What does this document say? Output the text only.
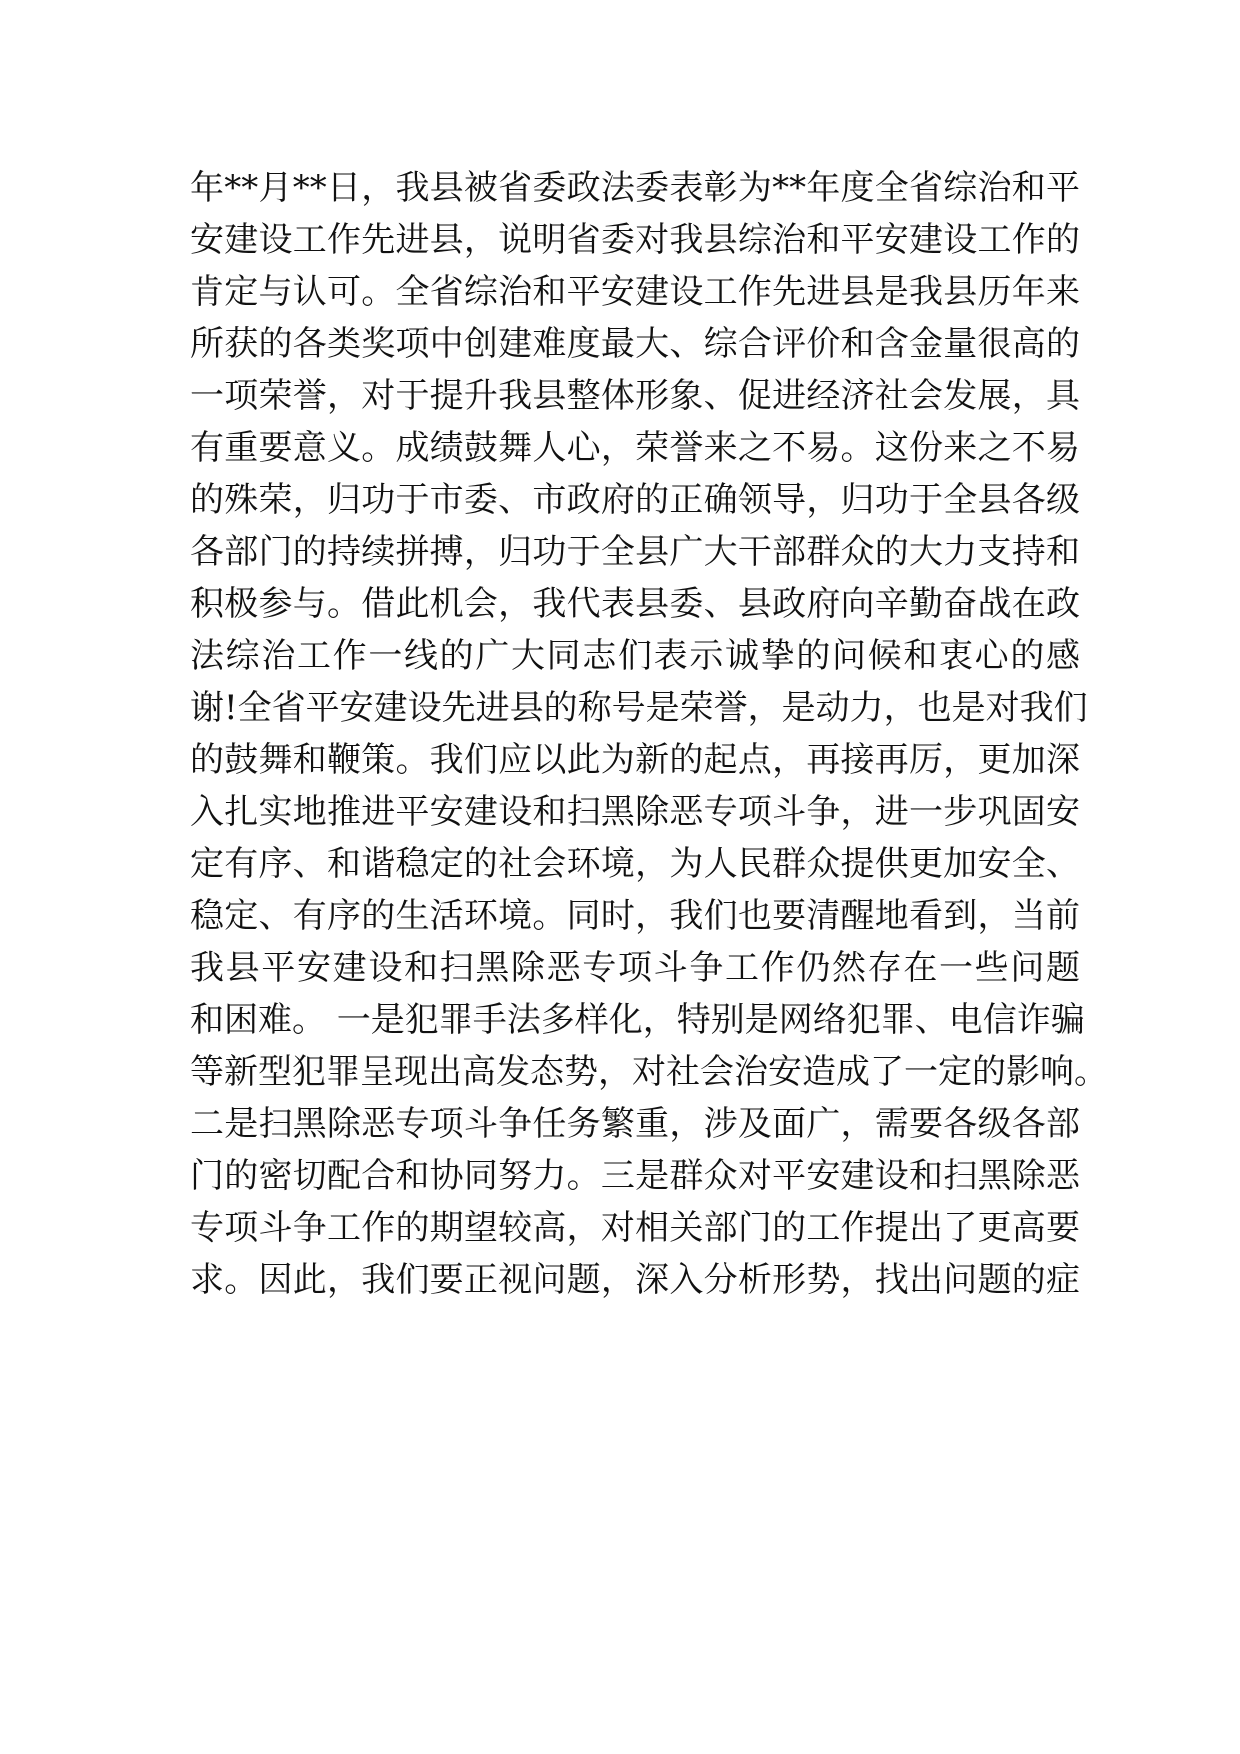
年**月**日，我县被省委政法委表彰为**年度全省综治和平
安建设工作先进县，说明省委对我县综治和平安建设工作的
肯定与认可。全省综治和平安建设工作先进县是我县历年来
所获的各类奖项中创建难度最大、综合评价和含金量很高的
一项荣誉，对于提升我县整体形象、促进经济社会发展，具
有重要意义。成绩鼓舞人心，荣誉来之不易。这份来之不易
的殊荣，归功于市委、市政府的正确领导，归功于全县各级
各部门的持续拼搏，归功于全县广大干部群众的大力支持和
积极参与。借此机会，我代表县委、县政府向辛勤奋战在政
法综治工作一线的广大同志们表示诚挚的问候和衷心的感
谢!全省平安建设先进县的称号是荣誉，是动力，也是对我们
的鼓舞和鞭策。我们应以此为新的起点，再接再厉，更加深
入扎实地推进平安建设和扫黑除恶专项斗争，进一步巩固安
定有序、和谐稳定的社会环境，为人民群众提供更加安全、
稳定、有序的生活环境。同时，我们也要清醒地看到，当前
我县平安建设和扫黑除恶专项斗争工作仍然存在一些问题
和困难。 一是犯罪手法多样化，特别是网络犯罪、电信诈骗
等新型犯罪呈现出高发态势，对社会治安造成了一定的影响。
二是扫黑除恶专项斗争任务繁重，涉及面广，需要各级各部
门的密切配合和协同努力。三是群众对平安建设和扫黑除恶
专项斗争工作的期望较高，对相关部门的工作提出了更高要
求。因此，我们要正视问题，深入分析形势，找出问题的症
